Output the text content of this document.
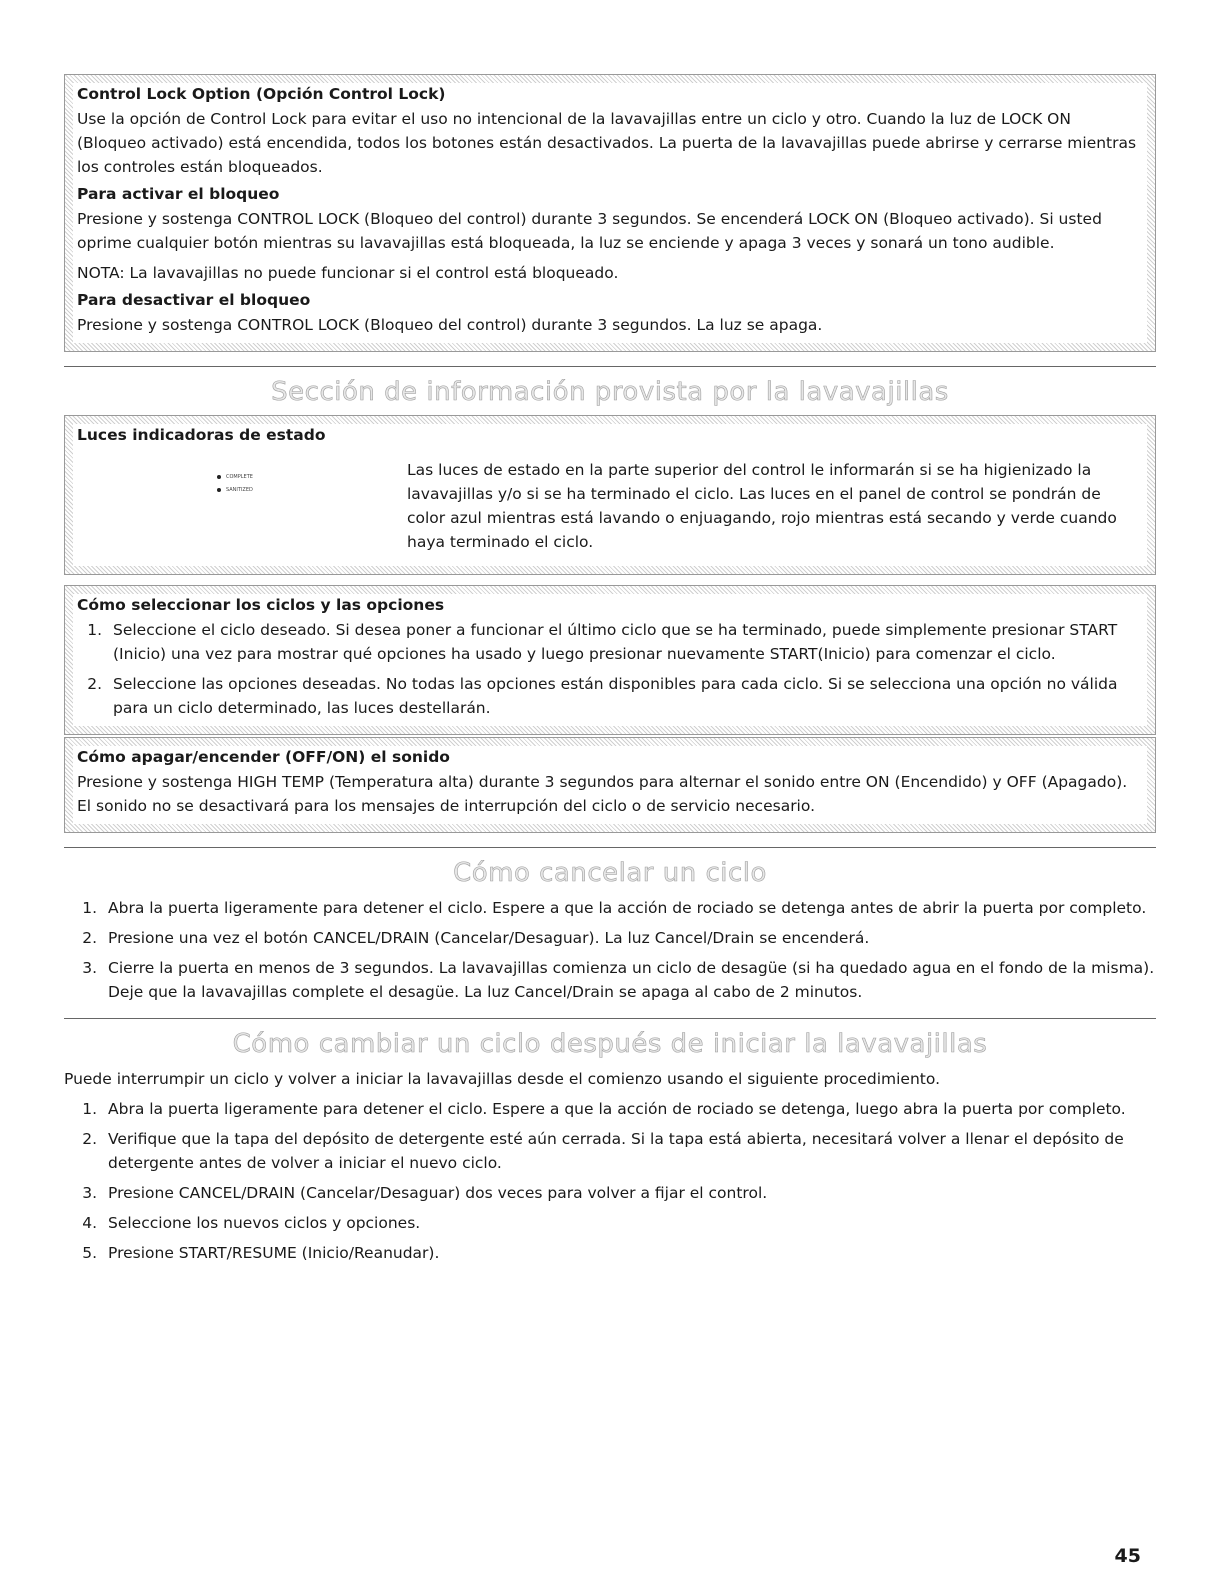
Control Lock Option (Opción Control Lock)

Use la opción de Control Lock para evitar el uso no intencional de la lavavajillas entre un ciclo y otro. Cuando la luz de LOCK ON (Bloqueo activado) está encendida, todos los botones están desactivados. La puerta de la lavavajillas puede abrirse y cerrarse mientras los controles están bloqueados.

Para activar el bloqueo

Presione y sostenga CONTROL LOCK (Bloqueo del control) durante 3 segundos. Se encenderá LOCK ON (Bloqueo activado). Si usted oprime cualquier botón mientras su lavavajillas está bloqueada, la luz se enciende y apaga 3 veces y sonará un tono audible.

NOTA: La lavavajillas no puede funcionar si el control está bloqueado.

Para desactivar el bloqueo

Presione y sostenga CONTROL LOCK (Bloqueo del control) durante 3 segundos. La luz se apaga.

Sección de información provista por la lavavajillas
Luces indicadoras de estado
COMPLETE
SANITIZED

Las luces de estado en la parte superior del control le informarán si se ha higienizado la lavavajillas y/o si se ha terminado el ciclo. Las luces en el panel de control se pondrán de color azul mientras está lavando o enjuagando, rojo mientras está secando y verde cuando haya terminado el ciclo.

Cómo seleccionar los ciclos y las opciones
1. Seleccione el ciclo deseado. Si desea poner a funcionar el último ciclo que se ha terminado, puede simplemente presionar START (Inicio) una vez para mostrar qué opciones ha usado y luego presionar nuevamente START(Inicio) para comenzar el ciclo.
2. Seleccione las opciones deseadas. No todas las opciones están disponibles para cada ciclo. Si se selecciona una opción no válida para un ciclo determinado, las luces destellarán.
Cómo apagar/encender (OFF/ON) el sonido

Presione y sostenga HIGH TEMP (Temperatura alta) durante 3 segundos para alternar el sonido entre ON (Encendido) y OFF (Apagado). El sonido no se desactivará para los mensajes de interrupción del ciclo o de servicio necesario.

Cómo cancelar un ciclo
1. Abra la puerta ligeramente para detener el ciclo. Espere a que la acción de rociado se detenga antes de abrir la puerta por completo.
2. Presione una vez el botón CANCEL/DRAIN (Cancelar/Desaguar). La luz Cancel/Drain se encenderá.
3. Cierre la puerta en menos de 3 segundos. La lavavajillas comienza un ciclo de desagüe (si ha quedado agua en el fondo de la misma). Deje que la lavavajillas complete el desagüe. La luz Cancel/Drain se apaga al cabo de 2 minutos.
Cómo cambiar un ciclo después de iniciar la lavavajillas

Puede interrumpir un ciclo y volver a iniciar la lavavajillas desde el comienzo usando el siguiente procedimiento.

1. Abra la puerta ligeramente para detener el ciclo. Espere a que la acción de rociado se detenga, luego abra la puerta por completo.
2. Verifique que la tapa del depósito de detergente esté aún cerrada. Si la tapa está abierta, necesitará volver a llenar el depósito de detergente antes de volver a iniciar el nuevo ciclo.
3. Presione CANCEL/DRAIN (Cancelar/Desaguar) dos veces para volver a fijar el control.
4. Seleccione los nuevos ciclos y opciones.
5. Presione START/RESUME (Inicio/Reanudar).
45
